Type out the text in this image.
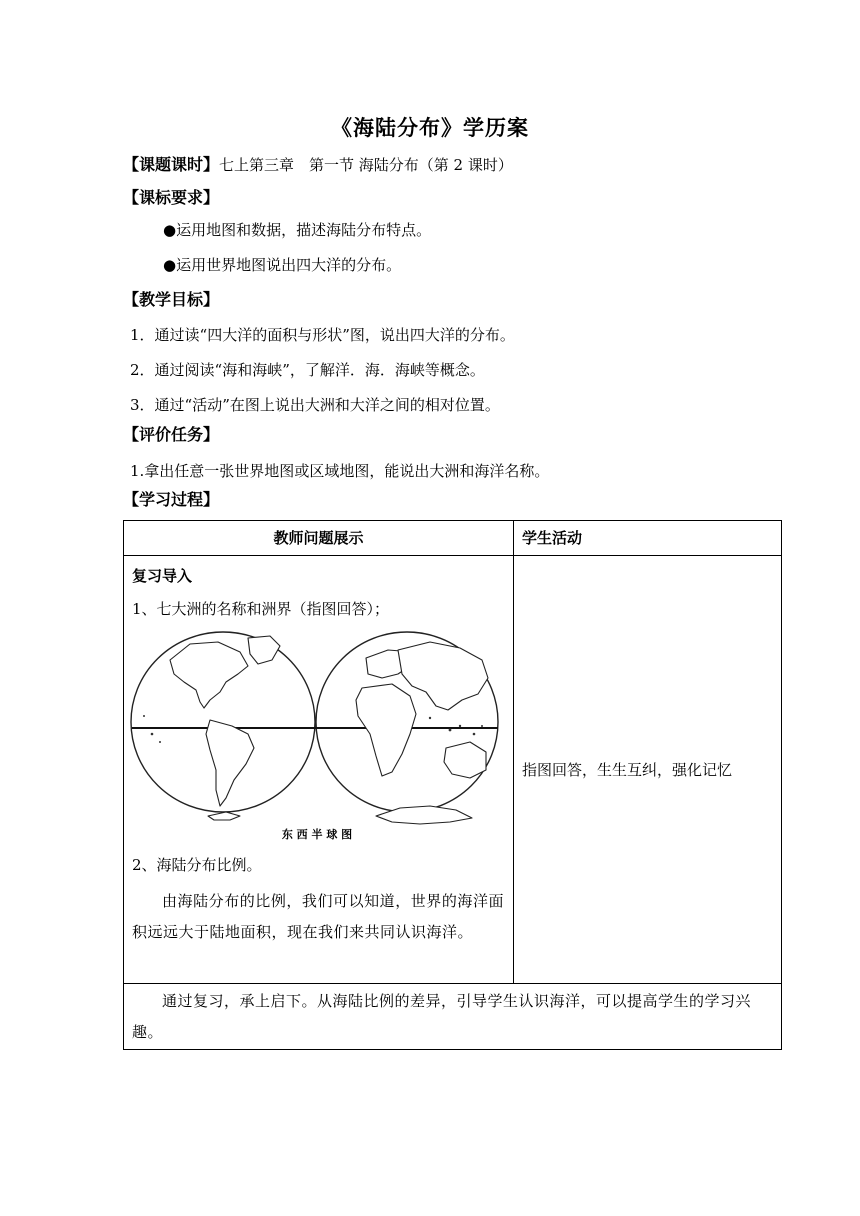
《海陆分布》学历案
【课题课时】七上第三章　第一节 海陆分布（第 2 课时）
【课标要求】
●运用地图和数据，描述海陆分布特点。
●运用世界地图说出四大洋的分布。
【教学目标】
1．通过读“四大洋的面积与形状”图，说出四大洋的分布。
2．通过阅读“海和海峡”，了解洋．海．海峡等概念。
3．通过“活动”在图上说出大洲和大洋之间的相对位置。
【评价任务】
1.拿出任意一张世界地图或区域地图，能说出大洲和海洋名称。
【学习过程】
教师问题展示	学生活动

复习导入
1、七大洲的名称和洲界（指图回答）；
东 西 半 球 图
2、海陆分布比例。
由海陆分布的比例，我们可以知道，世界的海洋面积远远大于陆地面积，现在我们来共同认识海洋。	指图回答，生生互纠，强化记忆
通过复习，承上启下。从海陆比例的差异，引导学生认识海洋，可以提高学生的学习兴趣。	
